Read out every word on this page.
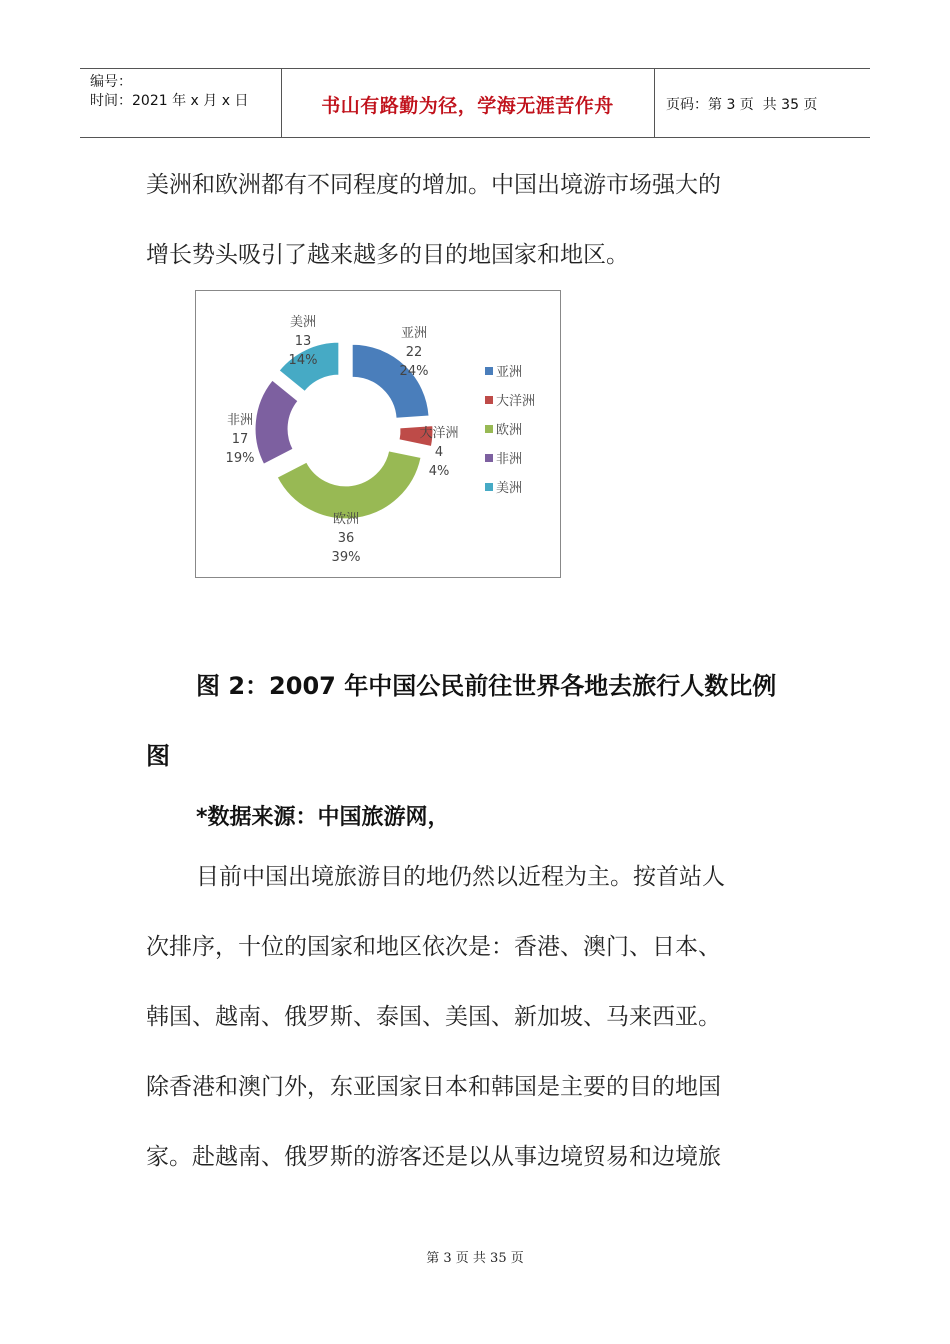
编号：
时间：2021 年 x 月 x 日	书山有路勤为径，学海无涯苦作舟	页码：第 3 页  共 35 页
美洲和欧洲都有不同程度的增加。中国出境游市场强大的
增长势头吸引了越来越多的目的地国家和地区。
亚洲
22
24%
大洋洲
4
4%
欧洲
36
39%
非洲
17
19%
美洲
13
14%
亚洲
大洋洲
欧洲
非洲
美洲
图 2：2007 年中国公民前往世界各地去旅行人数比例
图
*数据来源：中国旅游网，
目前中国出境旅游目的地仍然以近程为主。按首站人
次排序，十位的国家和地区依次是：香港、澳门、日本、
韩国、越南、俄罗斯、泰国、美国、新加坡、马来西亚。
除香港和澳门外，东亚国家日本和韩国是主要的目的地国
家。赴越南、俄罗斯的游客还是以从事边境贸易和边境旅
第 3 页 共 35 页
